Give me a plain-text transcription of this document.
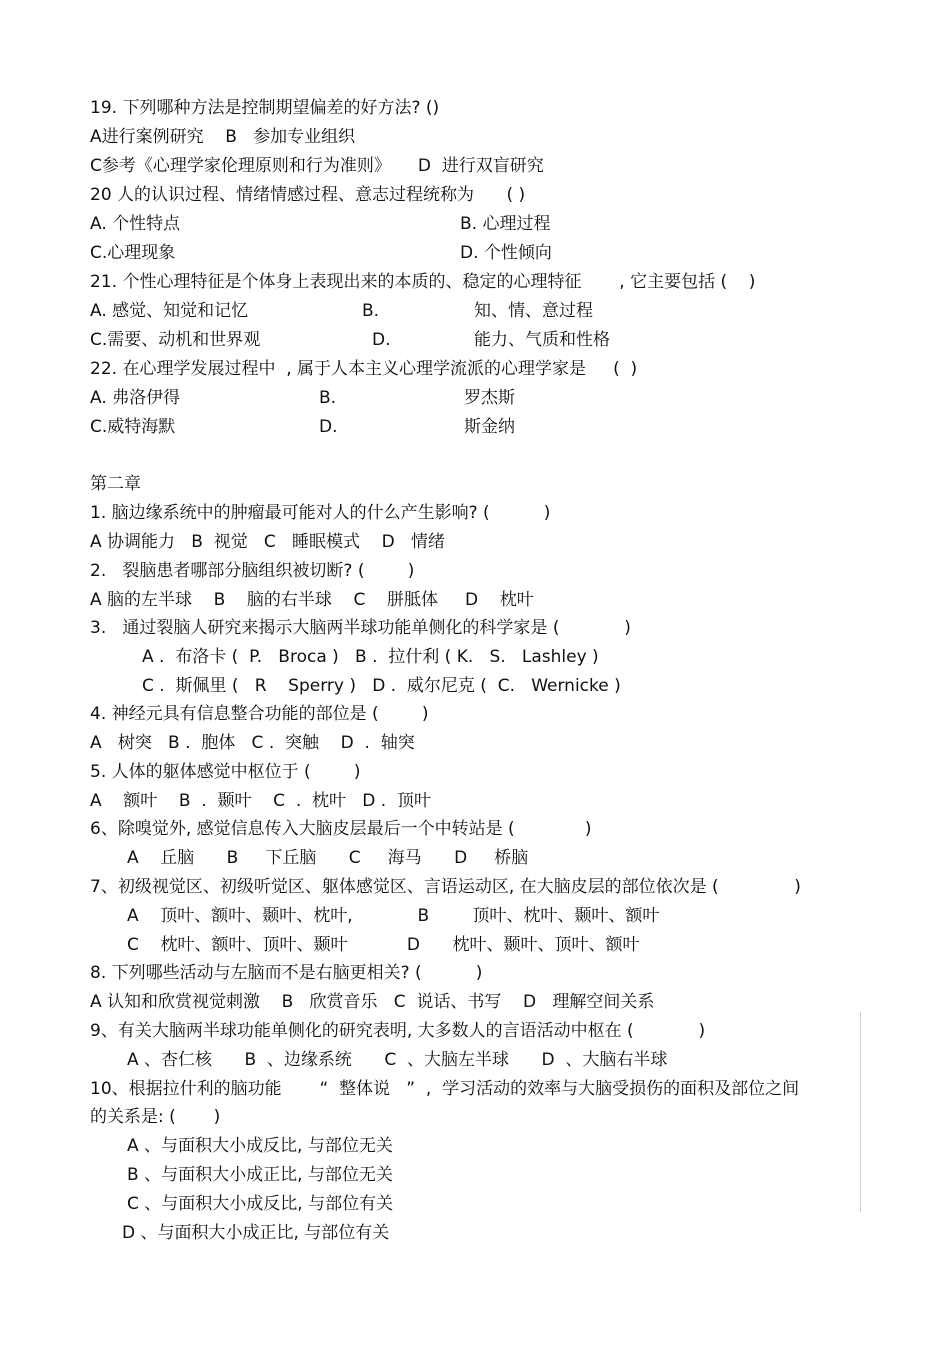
19. 下列哪种方法是控制期望偏差的好方法? ()
A进行案例研究    B   参加专业组织
C参考《心理学家伦理原则和行为准则》     D  进行双盲研究
20 人的认识过程、情绪情感过程、意志过程统称为      ( )
A. 个性特点	B. 心理过程
C.心理现象	D. 个性倾向
21. 个性心理特征是个体身上表现出来的本质的、稳定的心理特征       , 它主要包括 (    )
A. 感觉、知觉和记忆	B.	知、情、意过程
C.需要、动机和世界观	D.	能力、气质和性格
22. 在心理学发展过程中  , 属于人本主义心理学流派的心理学家是     (  )
A. 弗洛伊得	B.	罗杰斯
C.威特海默	D.	斯金纳
第二章
1. 脑边缘系统中的肿瘤最可能对人的什么产生影响? (          )
A 协调能力   B  视觉   C   睡眠模式    D   情绪
2.   裂脑患者哪部分脑组织被切断? (        )
A 脑的左半球    B    脑的右半球    C    胼胝体     D    枕叶
3.   通过裂脑人研究来揭示大脑两半球功能单侧化的科学家是 (            )
A .  布洛卡 (  P.   Broca )   B .  拉什利 ( K.   S.   Lashley )
C .  斯佩里 (   R    Sperry )   D .  威尔尼克 (  C.   Wernicke )
4. 神经元具有信息整合功能的部位是 (        )
A   树突   B .  胞体   C .  突触    D  .  轴突
5. 人体的躯体感觉中枢位于 (        )
A    额叶    B  .  颞叶    C  .  枕叶   D .  顶叶
6、除嗅觉外, 感觉信息传入大脑皮层最后一个中转站是 (             )
A    丘脑      B     下丘脑      C     海马      D     桥脑
7、初级视觉区、初级听觉区、躯体感觉区、言语运动区, 在大脑皮层的部位依次是 (              )
A    顶叶、额叶、颞叶、枕叶,            B        顶叶、枕叶、颞叶、额叶
C    枕叶、额叶、顶叶、颞叶           D      枕叶、颞叶、顶叶、额叶
8. 下列哪些活动与左脑而不是右脑更相关? (          )
A 认知和欣赏视觉刺激    B   欣赏音乐   C  说话、书写    D   理解空间关系
9、有关大脑两半球功能单侧化的研究表明, 大多数人的言语活动中枢在 (            )
A 、杏仁核      B  、边缘系统      C  、大脑左半球      D  、大脑右半球
10、根据拉什利的脑功能       “  整体说   ”  ,  学习活动的效率与大脑受损伤的面积及部位之间
的关系是: (       )
A 、与面积大小成反比, 与部位无关
B 、与面积大小成正比, 与部位无关
C 、与面积大小成反比, 与部位有关
D 、与面积大小成正比, 与部位有关
